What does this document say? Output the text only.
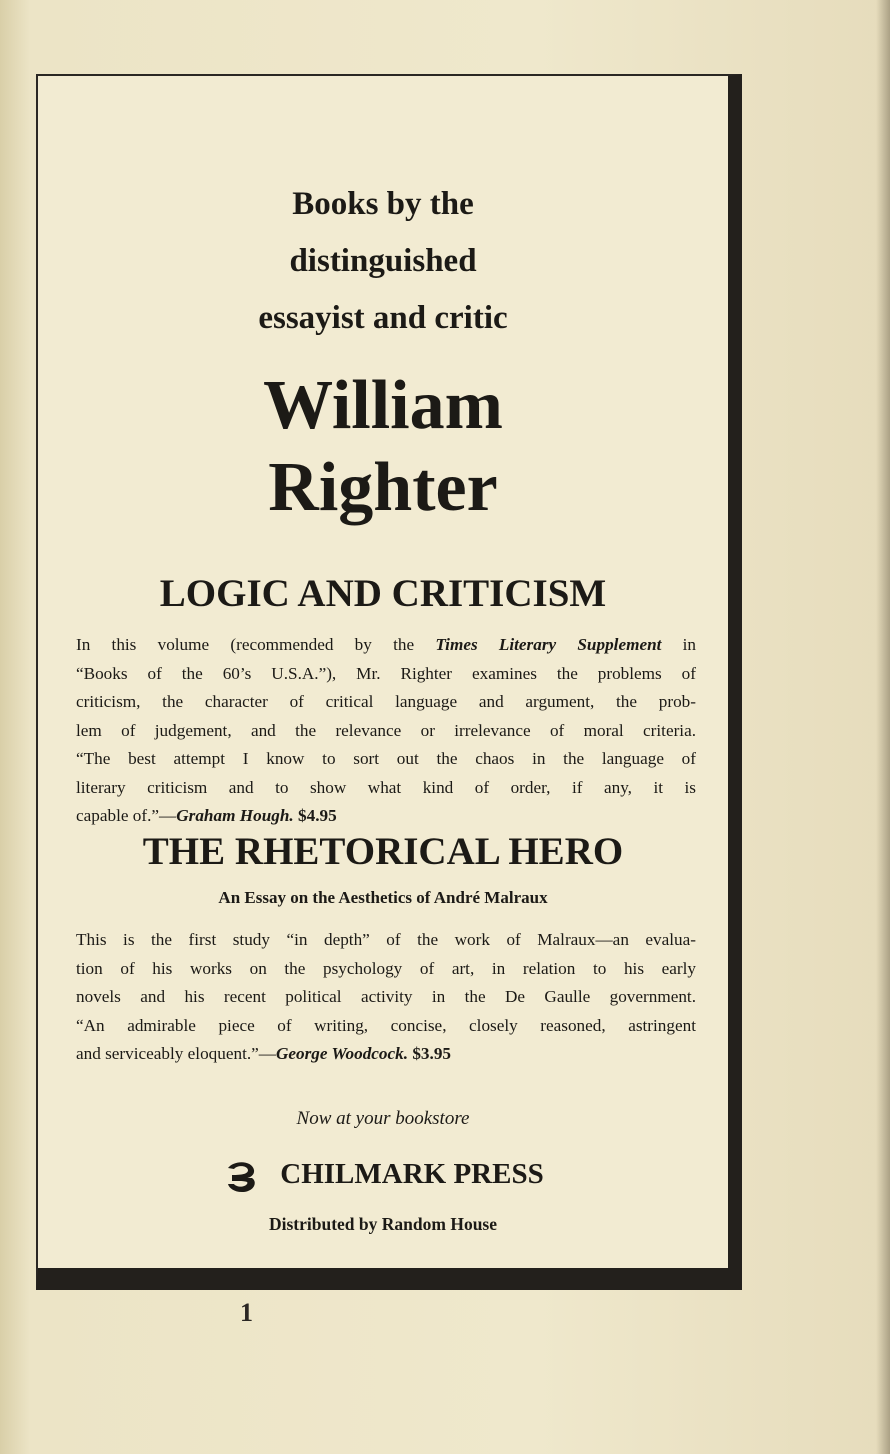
Books by the
distinguished
essayist and critic
William
Righter
LOGIC AND CRITICISM
In this volume (recommended by the Times Literary Supplement in
“Books of the 60’s U.S.A.”), Mr. Righter examines the problems of
criticism, the character of critical language and argument, the prob-
lem of judgement, and the relevance or irrelevance of moral criteria.
“The best attempt I know to sort out the chaos in the language of
literary criticism and to show what kind of order, if any, it is
capable of.”—Graham Hough. $4.95
THE RHETORICAL HERO
An Essay on the Aesthetics of André Malraux
This is the first study “in depth” of the work of Malraux—an evalua-
tion of his works on the psychology of art, in relation to his early
novels and his recent political activity in the De Gaulle government.
“An admirable piece of writing, concise, closely reasoned, astringent
and serviceably eloquent.”—George Woodcock. $3.95
Now at your bookstore
CHILMARK PRESS
Distributed by Random House
1
